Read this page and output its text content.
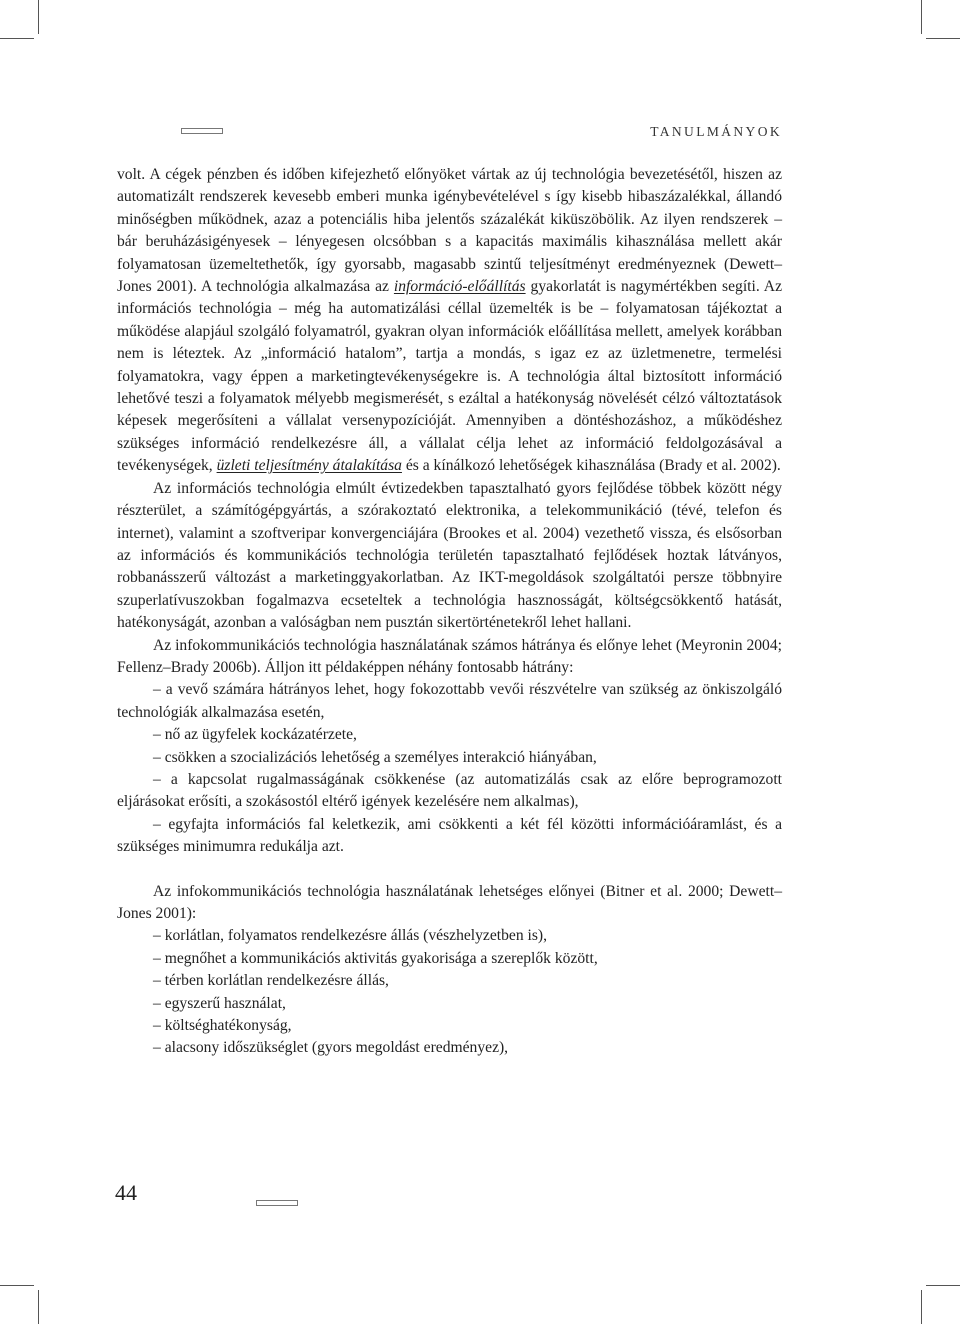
TANULMÁNYOK

volt. A cégek pénzben és időben kifejezhető előnyöket vártak az új technológia bevezetésétől, hiszen az automatizált rendszerek kevesebb emberi munka igénybevételével s így kisebb hibaszázalékkal, állandó minőségben működnek, azaz a potenciális hiba jelentős százalékát kiküszöbölik. Az ilyen rendszerek – bár beruházásigényesek – lényegesen olcsóbban s a kapacitás maximális kihasználása mellett akár folyamatosan üzemeltethetők, így gyorsabb, magasabb szintű teljesítményt eredményeznek (Dewett–Jones 2001). A technológia alkalmazása az információ-előállítás gyakorlatát is nagymértékben segíti. Az információs technológia – még ha automatizálási céllal üzemelték is be – folyamatosan tájékoztat a működése alapjául szolgáló folyamatról, gyakran olyan információk előállítása mellett, amelyek korábban nem is léteztek. Az „információ hatalom”, tartja a mondás, s igaz ez az üzletmenetre, termelési folyamatokra, vagy éppen a marketingtevékenységekre is. A technológia által biztosított információ lehetővé teszi a folyamatok mélyebb megismerését, s ezáltal a hatékonyság növelését célzó változtatások képesek megerősíteni a vállalat versenypozícióját. Amennyiben a döntéshozáshoz, a működéshez szükséges információ rendelkezésre áll, a vállalat célja lehet az információ feldolgozásával a tevékenységek, üzleti teljesítmény átalakítása és a kínálkozó lehetőségek kihasználása (Brady et al. 2002).

Az információs technológia elmúlt évtizedekben tapasztalható gyors fejlődése többek között négy részterület, a számítógépgyártás, a szórakoztató elektronika, a telekommunikáció (tévé, telefon és internet), valamint a szoftveripar konvergenciájára (Brookes et al. 2004) vezethető vissza, és elsősorban az információs és kommunikációs technológia területén tapasztalható fejlődések hoztak látványos, robbanásszerű változást a marketinggyakorlatban. Az IKT-megoldások szolgáltatói persze többnyire szuperlatívuszokban fogalmazva ecseteltek a technológia hasznosságát, költségcsökkentő hatását, hatékonyságát, azonban a valóságban nem pusztán sikertörténetekről lehet hallani.

Az infokommunikációs technológia használatának számos hátránya és előnye lehet (Meyronin 2004; Fellenz–Brady 2006b). Álljon itt példaképpen néhány fontosabb hátrány:

– a vevő számára hátrányos lehet, hogy fokozottabb vevői részvételre van szükség az önkiszolgáló technológiák alkalmazása esetén,

– nő az ügyfelek kockázatérzete,

– csökken a szocializációs lehetőség a személyes interakció hiányában,

– a kapcsolat rugalmasságának csökkenése (az automatizálás csak az előre beprogramozott eljárásokat erősíti, a szokásostól eltérő igények kezelésére nem alkalmas),

– egyfajta információs fal keletkezik, ami csökkenti a két fél közötti információáramlást, és a szükséges minimumra redukálja azt.

Az infokommunikációs technológia használatának lehetséges előnyei (Bitner et al. 2000; Dewett–Jones 2001):

– korlátlan, folyamatos rendelkezésre állás (vészhelyzetben is),

– megnőhet a kommunikációs aktivitás gyakorisága a szereplők között,

– térben korlátlan rendelkezésre állás,

– egyszerű használat,

– költséghatékonyság,

– alacsony időszükséglet (gyors megoldást eredményez),

44
